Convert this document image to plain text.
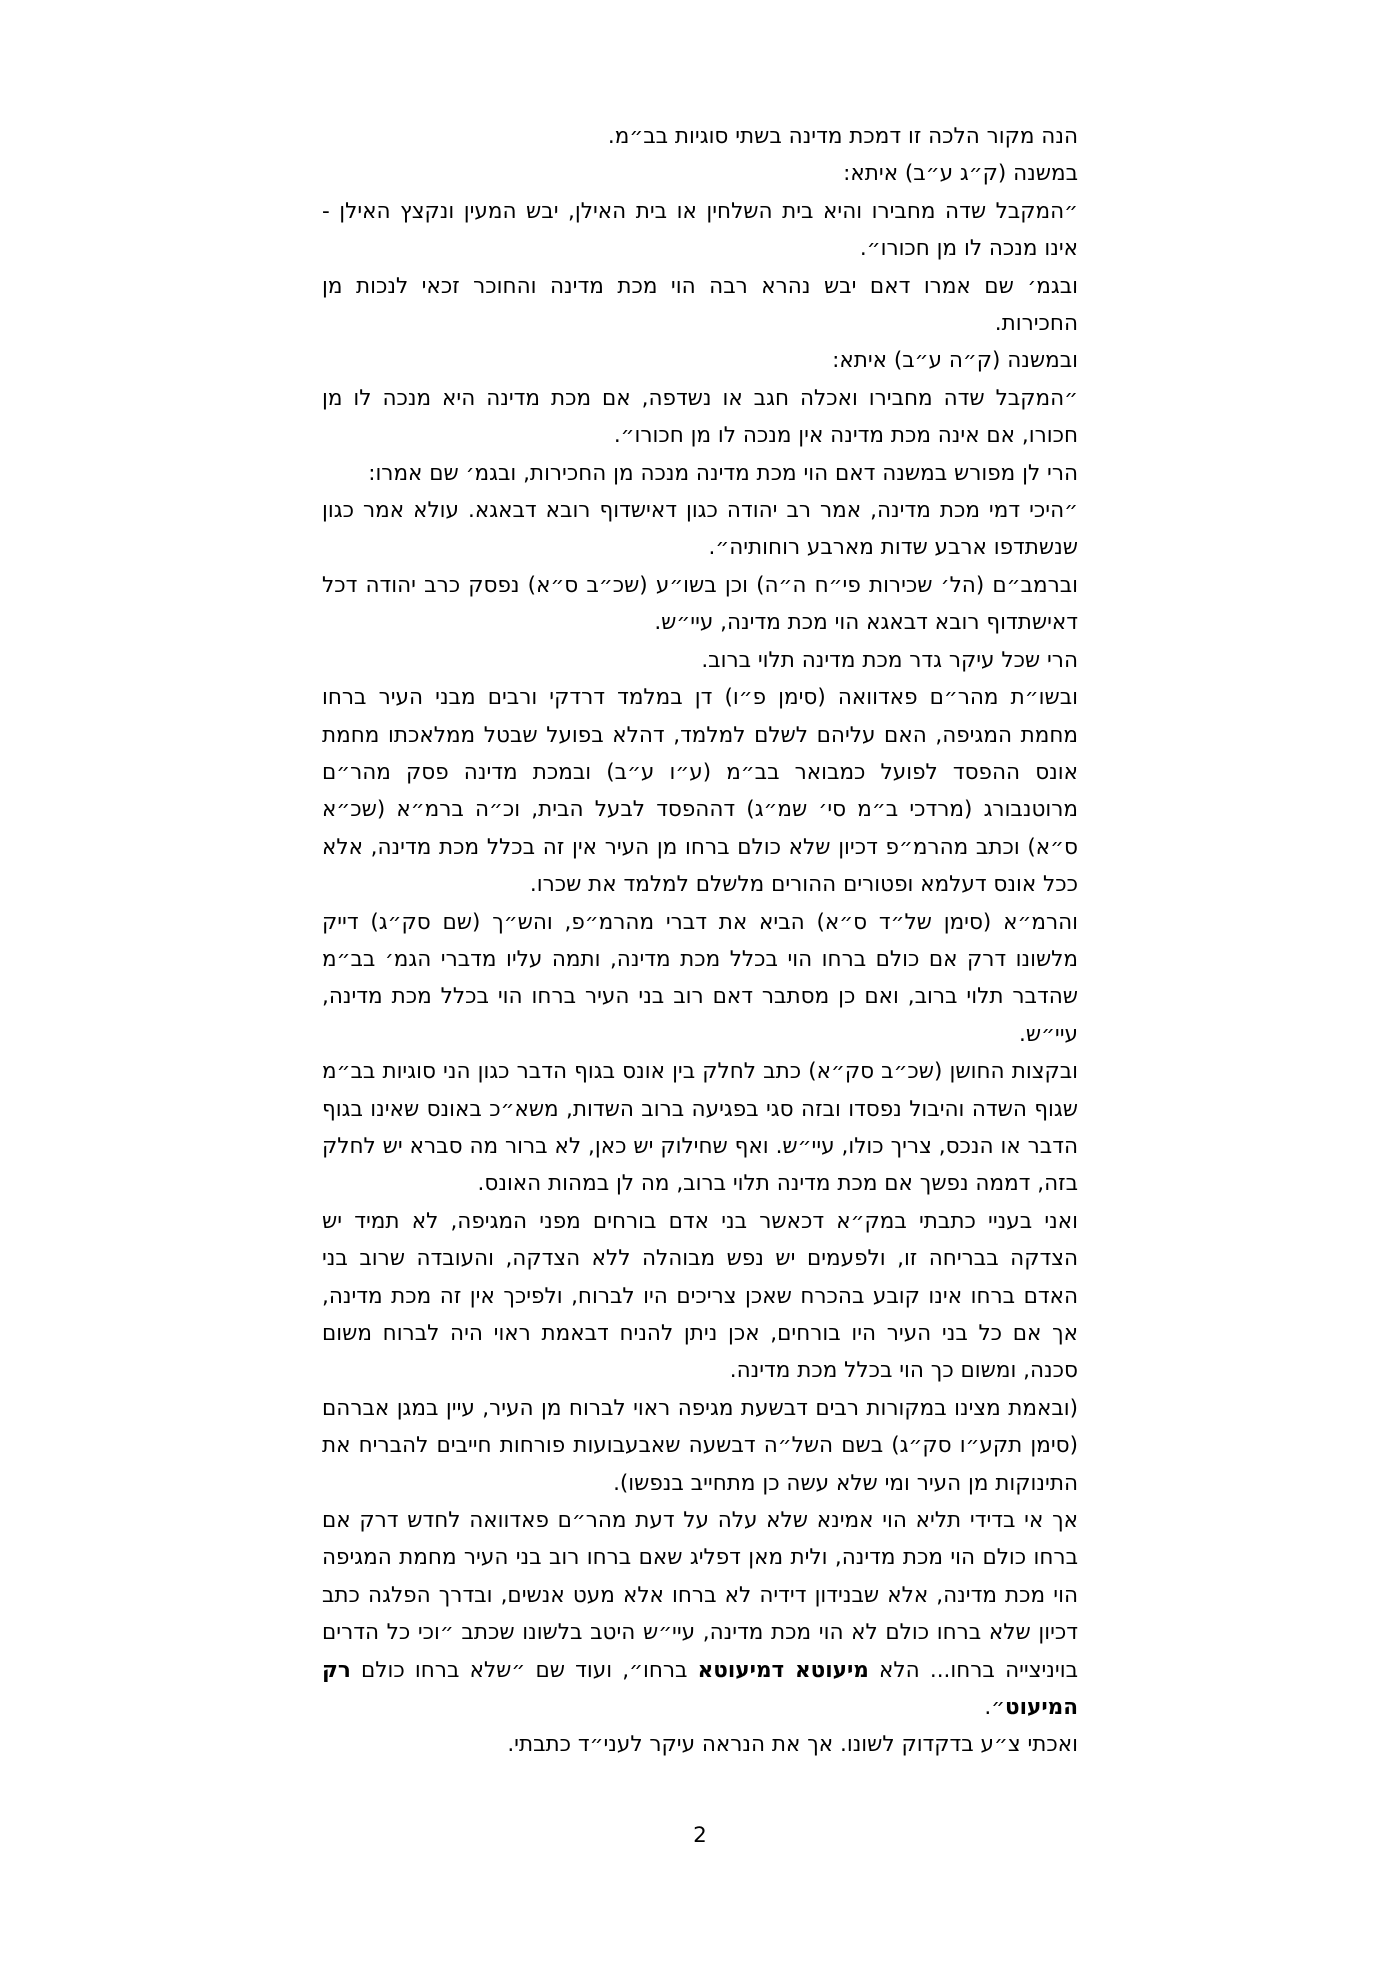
הנה מקור הלכה זו דמכת מדינה בשתי סוגיות בב״מ.

במשנה (ק״ג ע״ב) איתא:

״המקבל שדה מחבירו והיא בית השלחין או בית האילן, יבש המעין ונקצץ האילן - אינו מנכה לו מן חכורו״.

ובגמ׳ שם אמרו דאם יבש נהרא רבה הוי מכת מדינה והחוכר זכאי לנכות מן החכירות.

ובמשנה (ק״ה ע״ב) איתא:

״המקבל שדה מחבירו ואכלה חגב או נשדפה, אם מכת מדינה היא מנכה לו מן חכורו, אם אינה מכת מדינה אין מנכה לו מן חכורו״.

הרי לן מפורש במשנה דאם הוי מכת מדינה מנכה מן החכירות, ובגמ׳ שם אמרו:

״היכי דמי מכת מדינה, אמר רב יהודה כגון דאישדוף רובא דבאגא. עולא אמר כגון שנשתדפו ארבע שדות מארבע רוחותיה״.

וברמב״ם (הל׳ שכירות פי״ח ה״ה) וכן בשו״ע (שכ״ב ס״א) נפסק כרב יהודה דכל דאישתדוף רובא דבאגא הוי מכת מדינה, עיי״ש.

הרי שכל עיקר גדר מכת מדינה תלוי ברוב.

ובשו״ת מהר״ם פאדוואה (סימן פ״ו) דן במלמד דרדקי ורבים מבני העיר ברחו מחמת המגיפה, האם עליהם לשלם למלמד, דהלא בפועל שבטל ממלאכתו מחמת אונס ההפסד לפועל כמבואר בב״מ (ע״ו ע״ב) ובמכת מדינה פסק מהר״ם מרוטנבורג (מרדכי ב״מ סי׳ שמ״ג) דההפסד לבעל הבית, וכ״ה ברמ״א (שכ״א ס״א) וכתב מהרמ״פ דכיון שלא כולם ברחו מן העיר אין זה בכלל מכת מדינה, אלא ככל אונס דעלמא ופטורים ההורים מלשלם למלמד את שכרו.

והרמ״א (סימן של״ד ס״א) הביא את דברי מהרמ״פ, והש״ך (שם סק״ג) דייק מלשונו דרק אם כולם ברחו הוי בכלל מכת מדינה, ותמה עליו מדברי הגמ׳ בב״מ שהדבר תלוי ברוב, ואם כן מסתבר דאם רוב בני העיר ברחו הוי בכלל מכת מדינה, עיי״ש.

ובקצות החושן (שכ״ב סק״א) כתב לחלק בין אונס בגוף הדבר כגון הני סוגיות בב״מ שגוף השדה והיבול נפסדו ובזה סגי בפגיעה ברוב השדות, משא״כ באונס שאינו בגוף הדבר או הנכס, צריך כולו, עיי״ש. ואף שחילוק יש כאן, לא ברור מה סברא יש לחלק בזה, דממה נפשך אם מכת מדינה תלוי ברוב, מה לן במהות האונס.

ואני בעניי כתבתי במק״א דכאשר בני אדם בורחים מפני המגיפה, לא תמיד יש הצדקה בבריחה זו, ולפעמים יש נפש מבוהלה ללא הצדקה, והעובדה שרוב בני האדם ברחו אינו קובע בהכרח שאכן צריכים היו לברוח, ולפיכך אין זה מכת מדינה, אך אם כל בני העיר היו בורחים, אכן ניתן להניח דבאמת ראוי היה לברוח משום סכנה, ומשום כך הוי בכלל מכת מדינה.

(ובאמת מצינו במקורות רבים דבשעת מגיפה ראוי לברוח מן העיר, עיין במגן אברהם (סימן תקע״ו סק״ג) בשם השל״ה דבשעה שאבעבועות פורחות חייבים להבריח את התינוקות מן העיר ומי שלא עשה כן מתחייב בנפשו).

אך אי בדידי תליא הוי אמינא שלא עלה על דעת מהר״ם פאדוואה לחדש דרק אם ברחו כולם הוי מכת מדינה, ולית מאן דפליג שאם ברחו רוב בני העיר מחמת המגיפה הוי מכת מדינה, אלא שבנידון דידיה לא ברחו אלא מעט אנשים, ובדרך הפלגה כתב דכיון שלא ברחו כולם לא הוי מכת מדינה, עיי״ש היטב בלשונו שכתב ״וכי כל הדרים בויניצייה ברחו... הלא מיעוטא דמיעוטא ברחו״, ועוד שם ״שלא ברחו כולם רק המיעוט״.

ואכתי צ״ע בדקדוק לשונו. אך את הנראה עיקר לעני״ד כתבתי.

2
